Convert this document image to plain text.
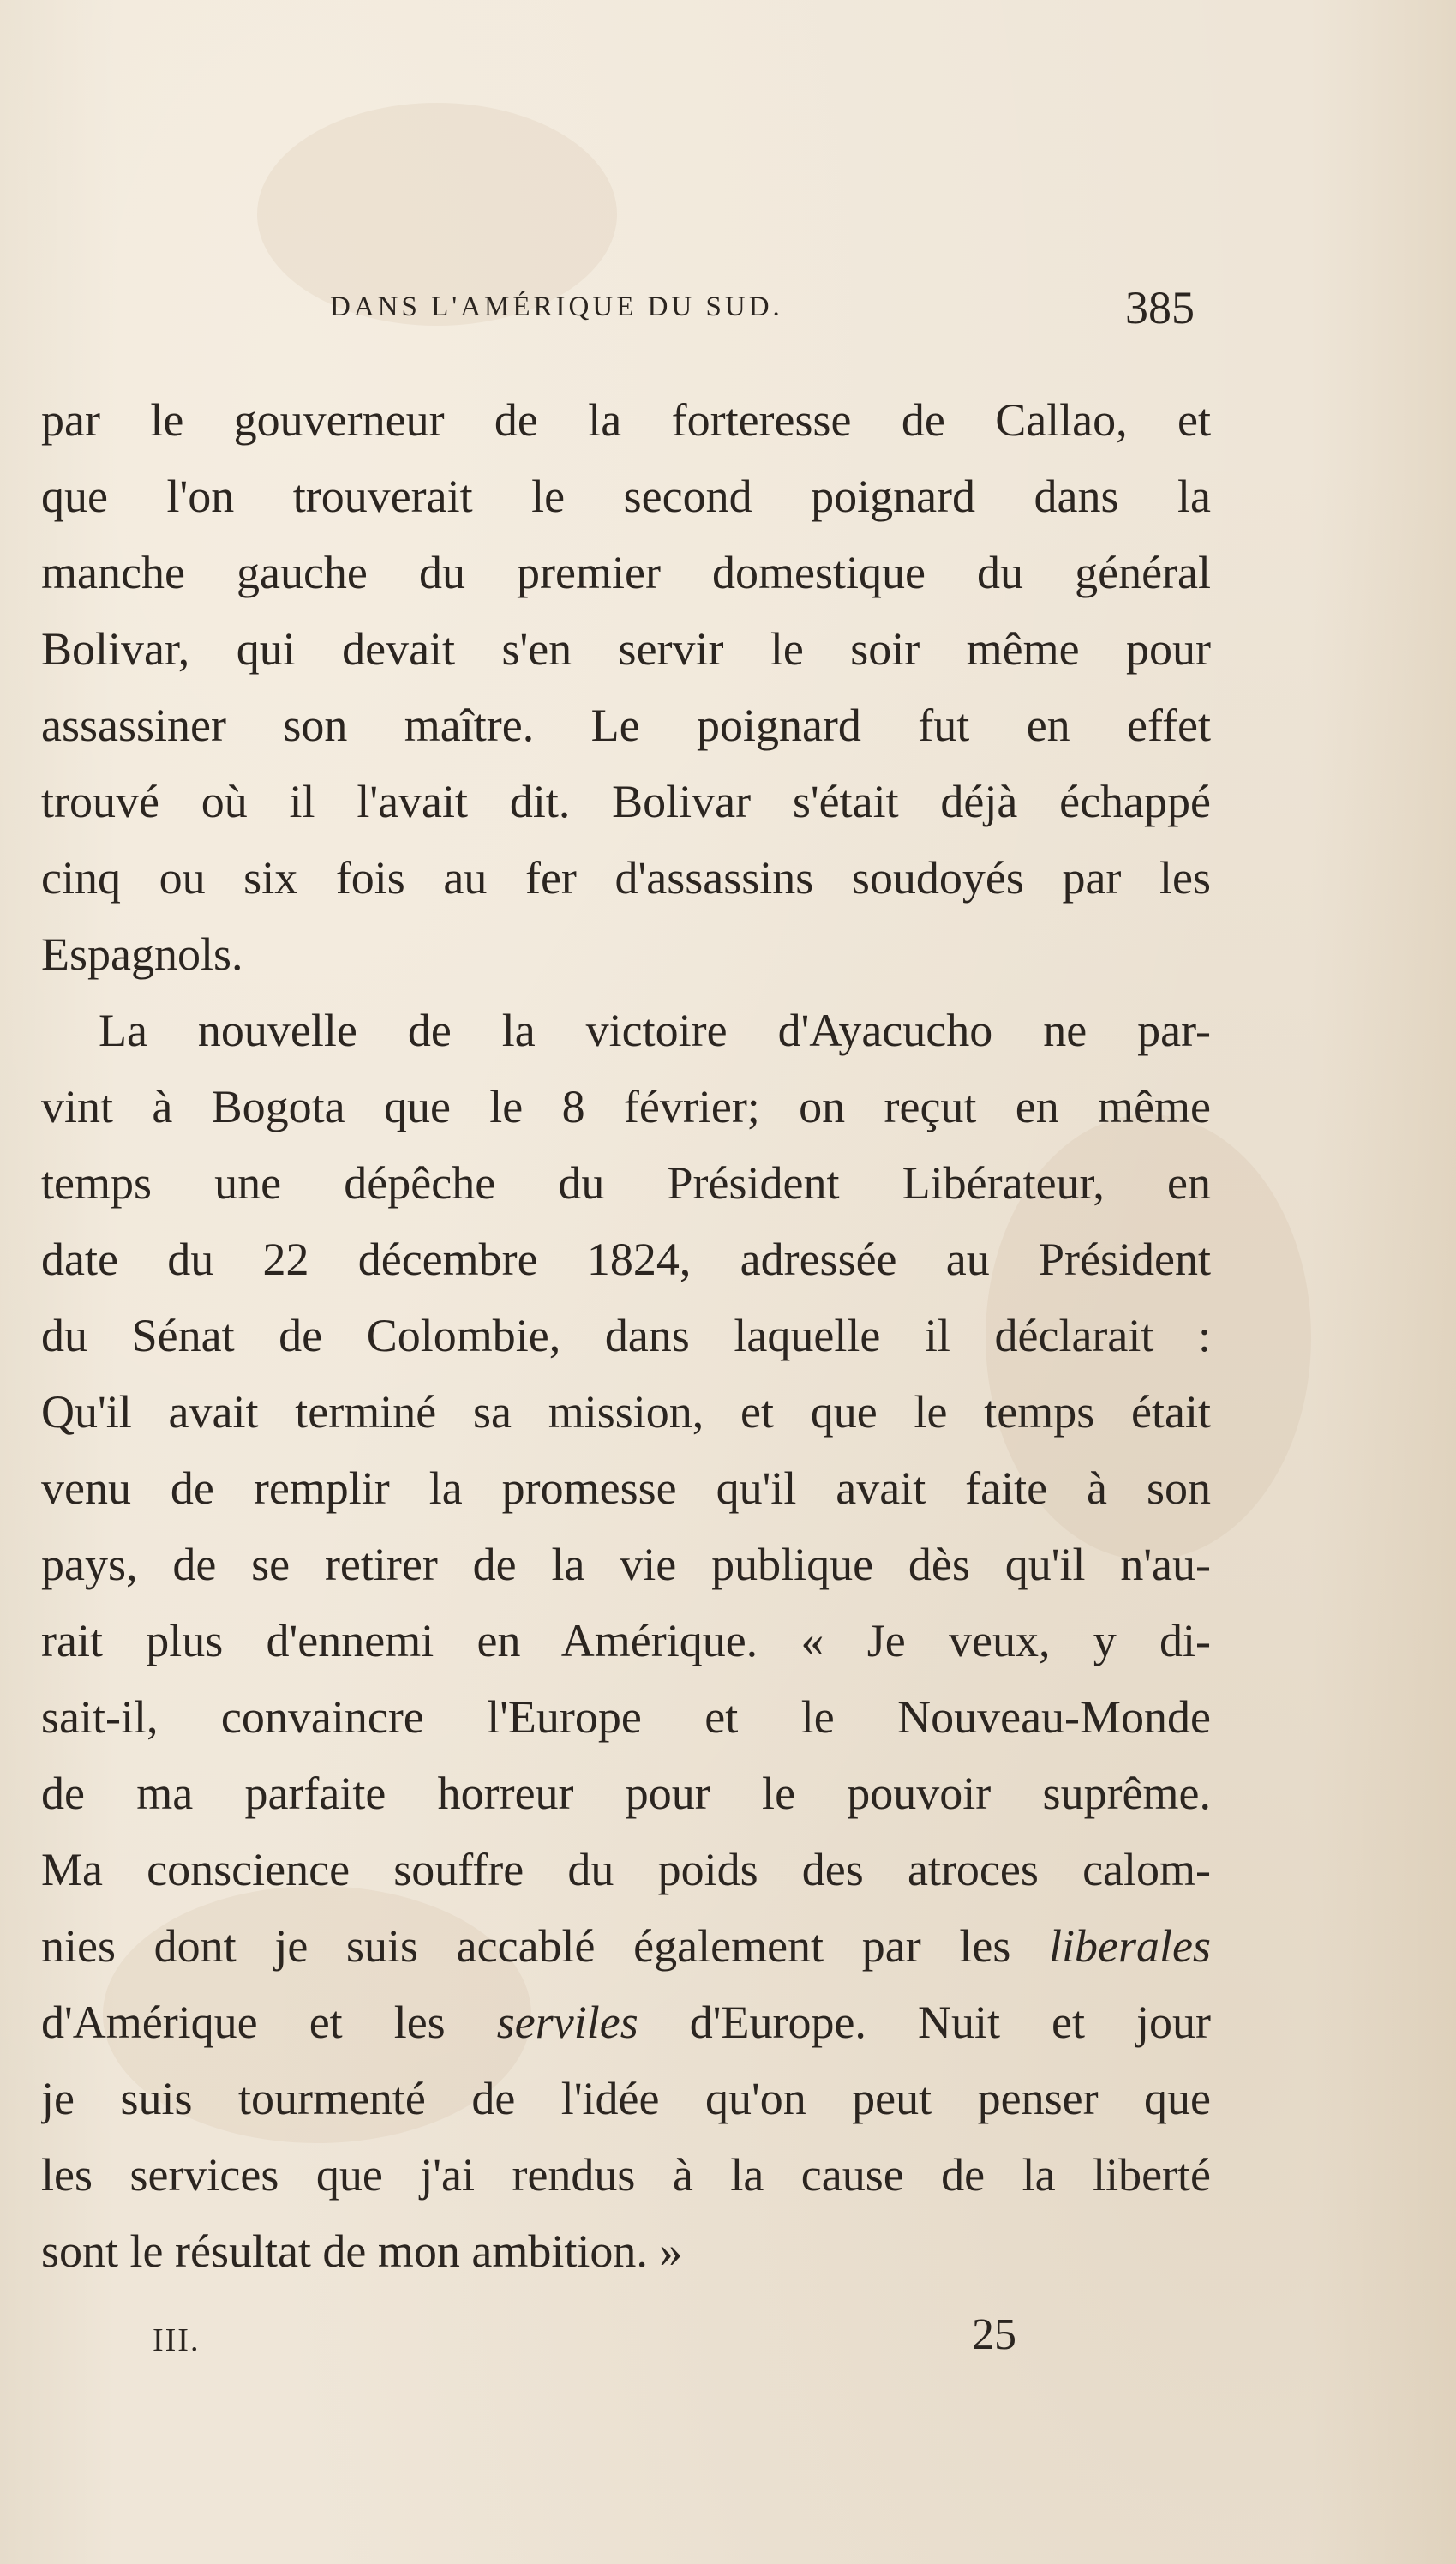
DANS L'AMÉRIQUE DU SUD.	385
par le gouverneur de la forteresse de Callao, et
que l'on trouverait le second poignard dans la
manche gauche du premier domestique du général
Bolivar, qui devait s'en servir le soir même pour
assassiner son maître. Le poignard fut en effet
trouvé où il l'avait dit. Bolivar s'était déjà échappé
cinq ou six fois au fer d'assassins soudoyés par les
Espagnols.
La nouvelle de la victoire d'Ayacucho ne par-
vint à Bogota que le 8 février; on reçut en même
temps une dépêche du Président Libérateur, en
date du 22 décembre 1824, adressée au Président
du Sénat de Colombie, dans laquelle il déclarait :
Qu'il avait terminé sa mission, et que le temps était
venu de remplir la promesse qu'il avait faite à son
pays, de se retirer de la vie publique dès qu'il n'au-
rait plus d'ennemi en Amérique. « Je veux, y di-
sait-il, convaincre l'Europe et le Nouveau-Monde
de ma parfaite horreur pour le pouvoir suprême.
Ma conscience souffre du poids des atroces calom-
nies dont je suis accablé également par les liberales
d'Amérique et les serviles d'Europe. Nuit et jour
je suis tourmenté de l'idée qu'on peut penser que
les services que j'ai rendus à la cause de la liberté
sont le résultat de mon ambition. »
III.	25
